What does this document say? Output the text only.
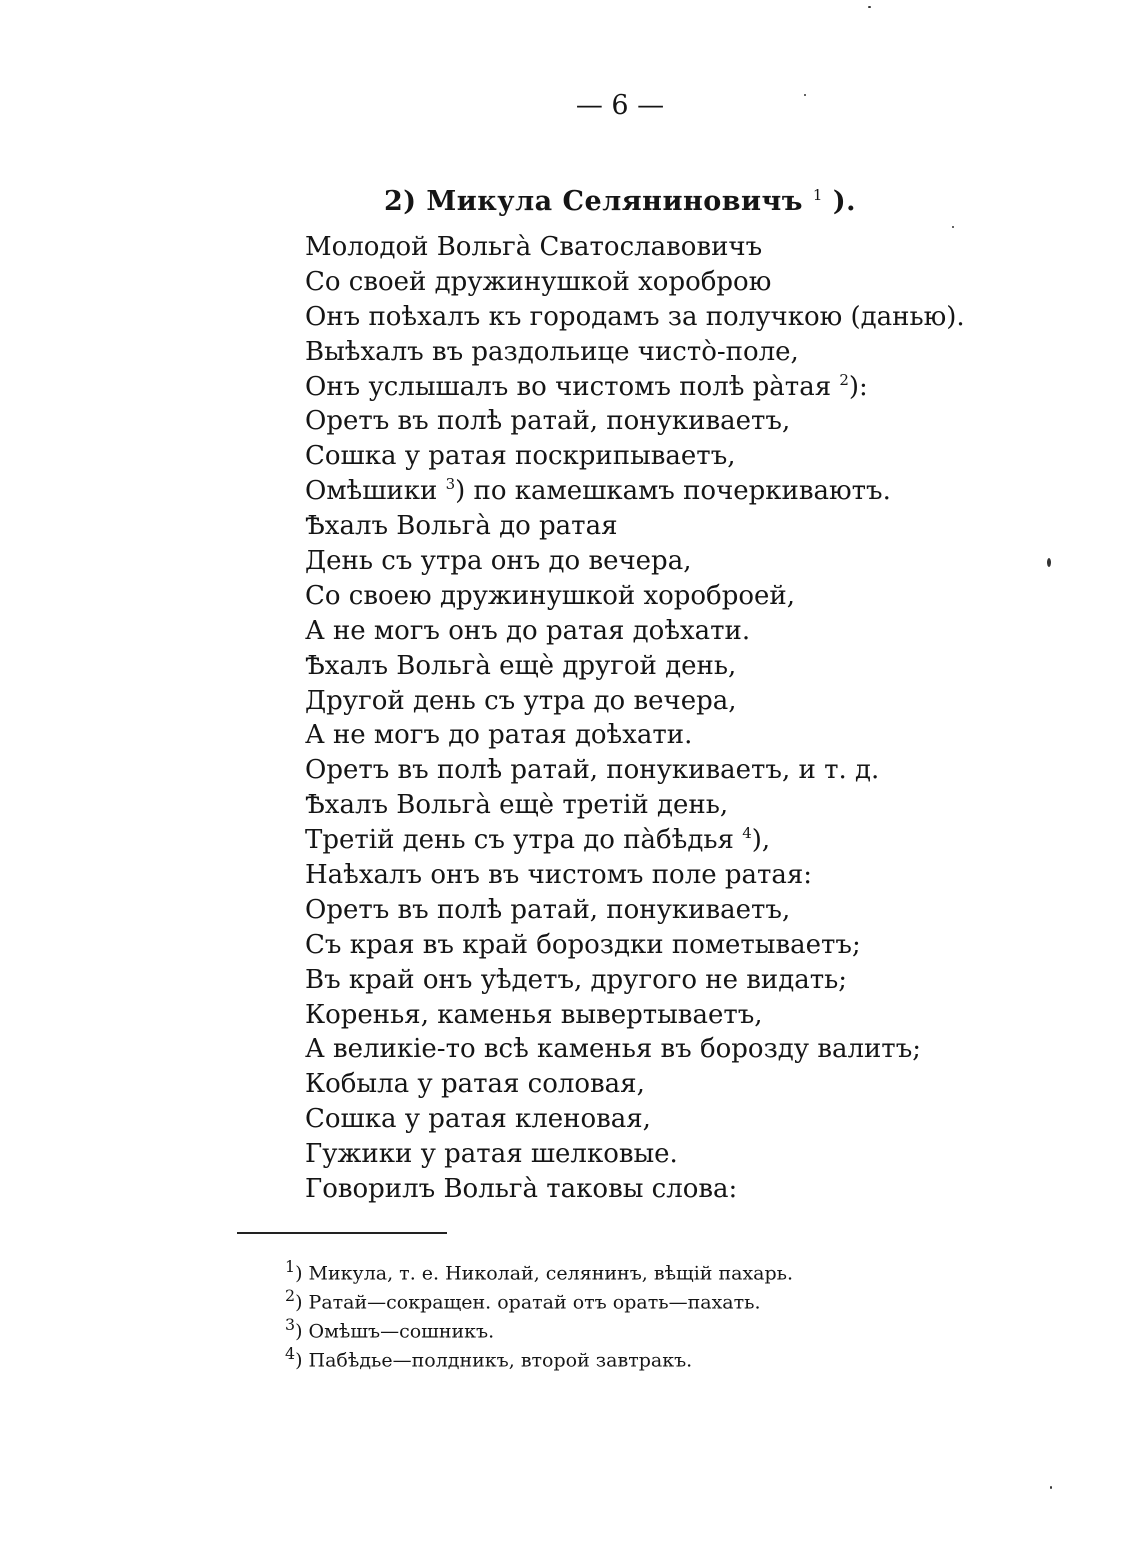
— 6 —
2) Микула Селяниновичъ $^1$ ).
Молодой Вольга̀ Сватославовичъ
Со своей дружинушкой хороброю
Онъ поѣхалъ къ городамъ за получкою (данью).
Выѣхалъ въ раздольице чисто̀-поле,
Онъ услышалъ во чистомъ полѣ ра̀тая $^2$):
Оретъ въ полѣ ратай, понукиваетъ,
Сошка у ратая поскрипываетъ,
Омѣшики $^3$) по камешкамъ почеркиваютъ.
Ѣхалъ Вольга̀ до ратая
День съ утра онъ до вечера,
Со своею дружинушкой хороброей,
А не могъ онъ до ратая доѣхати.
Ѣхалъ Вольга̀ ещѐ другой день,
Другой день съ утра до вечера,
А не могъ до ратая доѣхати.
Оретъ въ полѣ ратай, понукиваетъ, и т. д.
Ѣхалъ Вольга̀ ещѐ третій день,
Третій день съ утра до па̀бѣдья $^4$),
Наѣхалъ онъ въ чистомъ поле ратая:
Оретъ въ полѣ ратай, понукиваетъ,
Съ края въ край бороздки пометываетъ;
Въ край онъ уѣдетъ, другого не видать;
Коренья, каменья вывертываетъ,
А великіе-то всѣ каменья въ борозду валитъ;
Кобыла у ратая соловая,
Сошка у ратая кленовая,
Гужики у ратая шелковые.
Говорилъ Вольга̀ таковы слова:
$^1$) Микула, т. е. Николай, селянинъ, вѣщій пахарь.
$^2$) Ратай—сокращен. оратай отъ орать—пахать.
$^3$) Омѣшъ—сошникъ.
$^4$) Пабѣдье—полдникъ, второй завтракъ.
